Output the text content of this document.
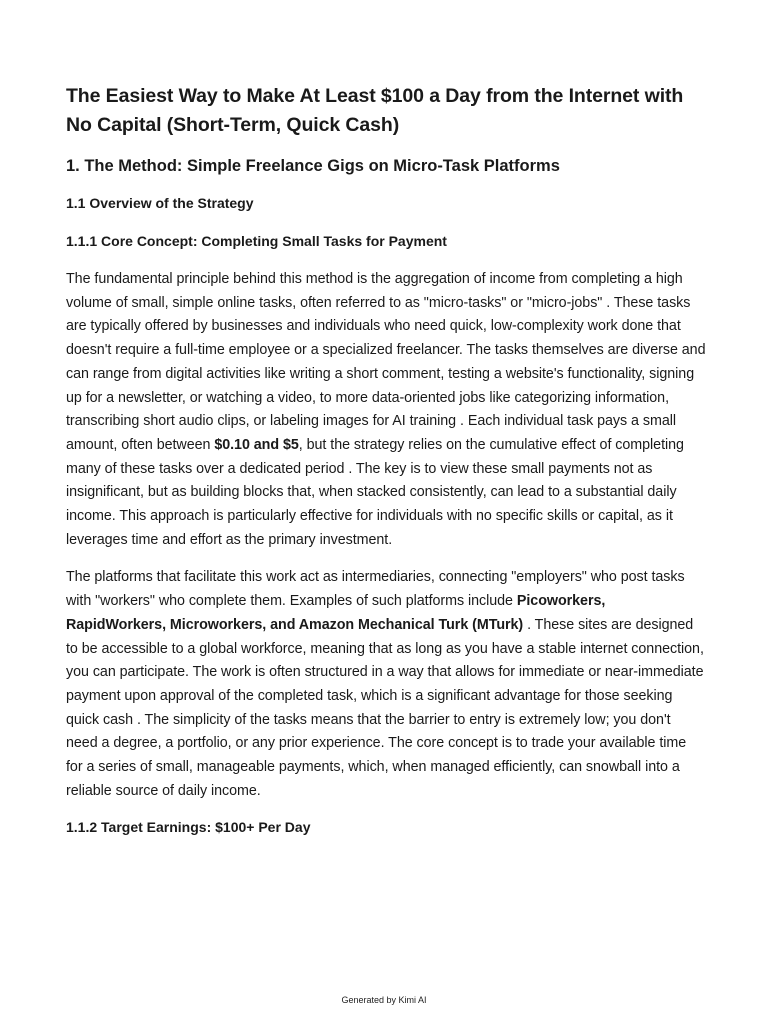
The Easiest Way to Make At Least $100 a Day from the Internet with No Capital (Short-Term, Quick Cash)
1. The Method: Simple Freelance Gigs on Micro-Task Platforms
1.1 Overview of the Strategy
1.1.1 Core Concept: Completing Small Tasks for Payment

The fundamental principle behind this method is the aggregation of income from completing a high volume of small, simple online tasks, often referred to as "micro-tasks" or "micro-jobs" . These tasks are typically offered by businesses and individuals who need quick, low-complexity work done that doesn't require a full-time employee or a specialized freelancer. The tasks themselves are diverse and can range from digital activities like writing a short comment, testing a website's functionality, signing up for a newsletter, or watching a video, to more data-oriented jobs like categorizing information, transcribing short audio clips, or labeling images for AI training . Each individual task pays a small amount, often between $0.10 and $5, but the strategy relies on the cumulative effect of completing many of these tasks over a dedicated period . The key is to view these small payments not as insignificant, but as building blocks that, when stacked consistently, can lead to a substantial daily income. This approach is particularly effective for individuals with no specific skills or capital, as it leverages time and effort as the primary investment.

The platforms that facilitate this work act as intermediaries, connecting "employers" who post tasks with "workers" who complete them. Examples of such platforms include Picoworkers, RapidWorkers, Microworkers, and Amazon Mechanical Turk (MTurk) . These sites are designed to be accessible to a global workforce, meaning that as long as you have a stable internet connection, you can participate. The work is often structured in a way that allows for immediate or near-immediate payment upon approval of the completed task, which is a significant advantage for those seeking quick cash . The simplicity of the tasks means that the barrier to entry is extremely low; you don't need a degree, a portfolio, or any prior experience. The core concept is to trade your available time for a series of small, manageable payments, which, when managed efficiently, can snowball into a reliable source of daily income.

1.1.2 Target Earnings: $100+ Per Day
Generated by Kimi AI
